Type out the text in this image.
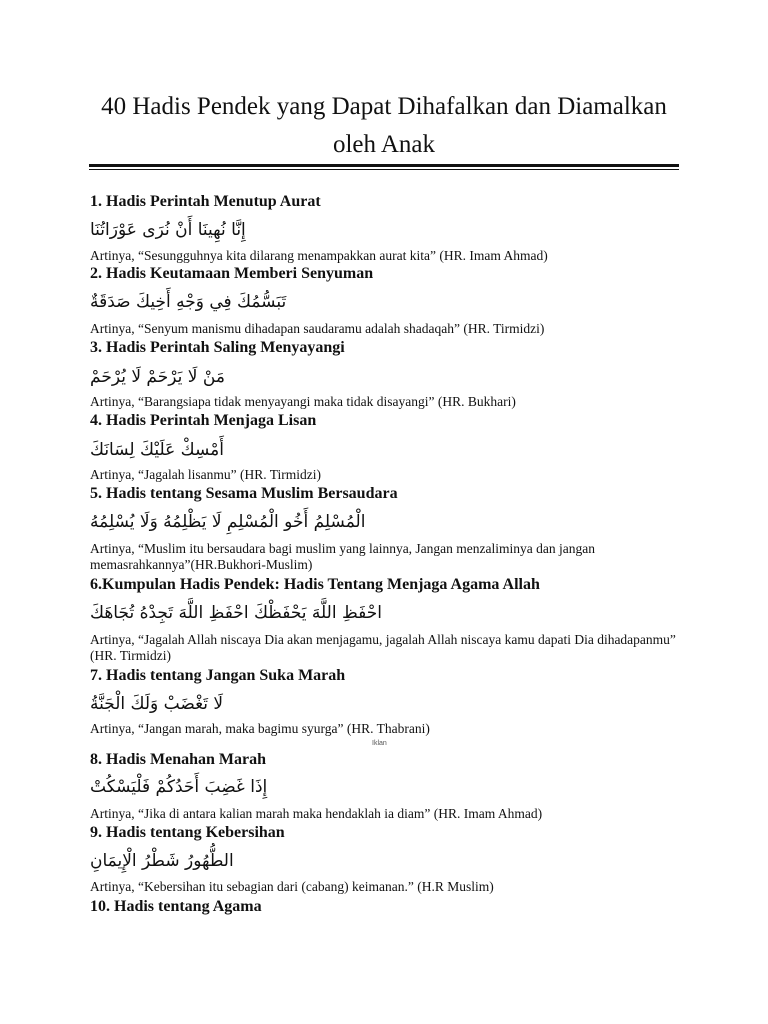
40 Hadis Pendek yang Dapat Dihafalkan dan Diamalkan
oleh Anak
1. Hadis Perintah Menutup Aurat
إِنَّا نُهِينَا أَنْ نُرَى عَوْرَاتُنَا
Artinya, “Sesungguhnya kita dilarang menampakkan aurat kita” (HR. Imam Ahmad)
2. Hadis Keutamaan Memberi Senyuman
تَبَسُّمُكَ فِي وَجْهِ أَخِيكَ صَدَقَةٌ
Artinya, “Senyum manismu dihadapan saudaramu adalah shadaqah” (HR. Tirmidzi)
3. Hadis Perintah Saling Menyayangi
مَنْ لَا يَرْحَمْ لَا يُرْحَمْ
Artinya, “Barangsiapa tidak menyayangi maka tidak disayangi” (HR. Bukhari)
4. Hadis Perintah Menjaga Lisan
أَمْسِكْ عَلَيْكَ لِسَانَكَ
Artinya, “Jagalah lisanmu” (HR. Tirmidzi)
5. Hadis tentang Sesama Muslim Bersaudara
الْمُسْلِمُ أَخُو الْمُسْلِمِ لَا يَظْلِمُهُ وَلَا يُسْلِمُهُ
Artinya, “Muslim itu bersaudara bagi muslim yang lainnya, Jangan menzaliminya dan jangan memasrahkannya”(HR.Bukhori-Muslim)
6.Kumpulan Hadis Pendek: Hadis Tentang Menjaga Agama Allah
احْفَظِ اللَّهَ يَحْفَظْكَ احْفَظِ اللَّهَ تَجِدْهُ تُجَاهَكَ
Artinya, “Jagalah Allah niscaya Dia akan menjagamu, jagalah Allah niscaya kamu dapati Dia dihadapanmu” (HR. Tirmidzi)
7. Hadis tentang Jangan Suka Marah
لَا تَغْضَبْ وَلَكَ الْجَنَّةُ
Artinya, “Jangan marah, maka bagimu syurga” (HR. Thabrani)
8. Hadis Menahan Marah
إِذَا غَضِبَ أَحَدُكُمْ فَلْيَسْكُتْ
Artinya, “Jika di antara kalian marah maka hendaklah ia diam” (HR. Imam Ahmad)
9. Hadis tentang Kebersihan
الطُّهُورُ شَطْرُ الْإِيمَانِ
Artinya, “Kebersihan itu sebagian dari (cabang) keimanan.” (H.R Muslim)
10. Hadis tentang Agama
Iklan
